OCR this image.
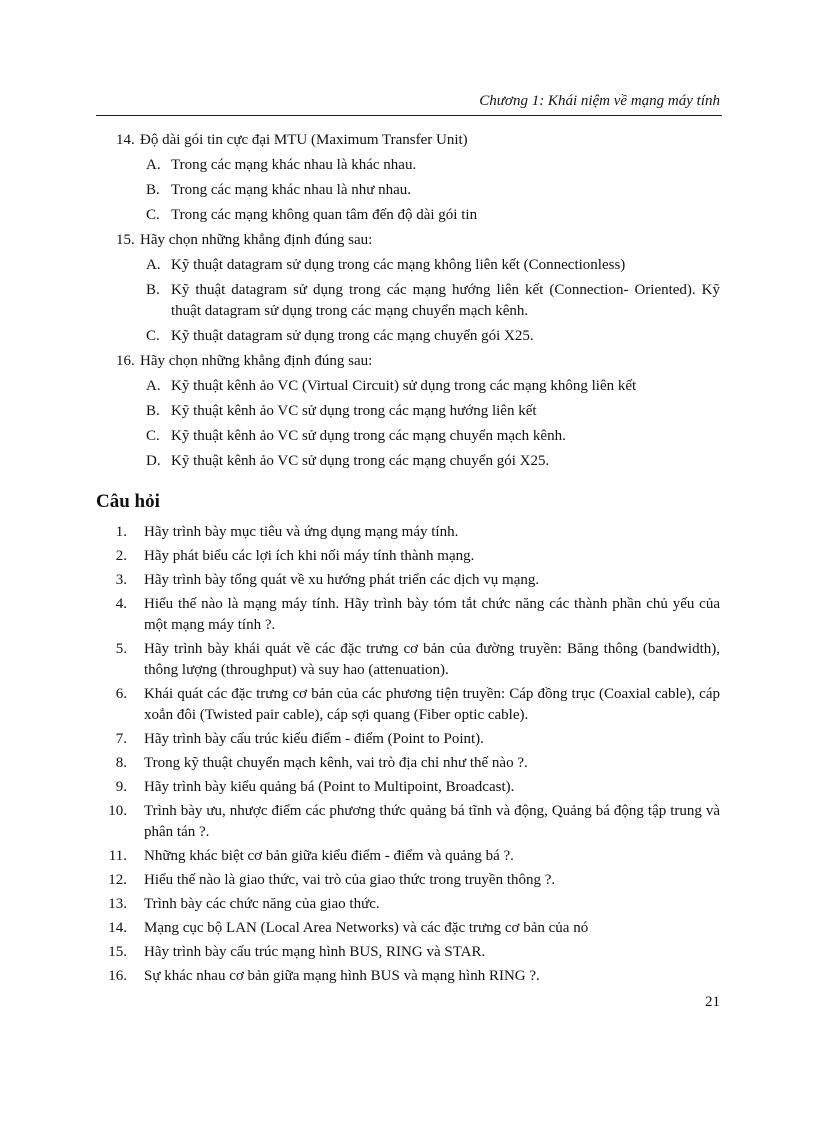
Chương 1: Khái niệm về mạng máy tính
14. Độ dài gói tin cực đại MTU (Maximum Transfer Unit)
A. Trong các mạng khác nhau là khác nhau.
B. Trong các mạng khác nhau là như nhau.
C. Trong các mạng không quan tâm đến độ dài gói tin
15. Hãy chọn những khẳng định đúng sau:
A. Kỹ thuật datagram sử dụng trong các mạng không liên kết (Connectionless)
B. Kỹ thuật datagram sử dụng trong các mạng hướng liên kết (Connection- Oriented). Kỹ thuật datagram sử dụng trong các mạng chuyển mạch kênh.
C. Kỹ thuật datagram sử dụng trong các mạng chuyển gói X25.
16. Hãy chọn những khẳng định đúng sau:
A. Kỹ thuật kênh ảo VC (Virtual Circuit) sử dụng trong các mạng không liên kết
B. Kỹ thuật kênh ảo VC sử dụng trong các mạng hướng liên kết
C. Kỹ thuật kênh ảo VC sử dụng trong các mạng chuyển mạch kênh.
D. Kỹ thuật kênh ảo VC sử dụng trong các mạng chuyển gói X25.
Câu hỏi
1. Hãy trình bày mục tiêu và ứng dụng mạng máy tính.
2. Hãy phát biểu các lợi ích khi nối máy tính thành mạng.
3. Hãy trình bày tổng quát về xu hướng phát triển các dịch vụ mạng.
4. Hiểu thế nào là mạng máy tính. Hãy trình bày tóm tắt chức năng các thành phần chủ yếu của một mạng máy tính ?.
5. Hãy trình bày khái quát về các đặc trưng cơ bản của đường truyền: Băng thông (bandwidth), thông lượng (throughput) và suy hao (attenuation).
6. Khái quát các đặc trưng cơ bản của các phương tiện truyền: Cáp đồng trục (Coaxial cable), cáp xoắn đôi (Twisted pair cable), cáp sợi quang (Fiber optic cable).
7. Hãy trình bày cấu trúc kiểu điểm - điểm (Point to Point).
8. Trong kỹ thuật chuyển mạch kênh, vai trò địa chỉ như thế nào ?.
9. Hãy trình bày kiểu quảng bá (Point to Multipoint, Broadcast).
10. Trình bày ưu, nhược điểm các phương thức quảng bá tĩnh và động, Quảng bá động tập trung và phân tán ?.
11. Những khác biệt cơ bản giữa kiểu điểm - điểm và quảng bá ?.
12. Hiểu thế nào là giao thức, vai trò của giao thức trong truyền thông ?.
13. Trình bày các chức năng của giao thức.
14. Mạng cục bộ LAN (Local Area Networks) và các đặc trưng cơ bản của nó
15. Hãy trình bày cấu trúc mạng hình BUS, RING và STAR.
16. Sự khác nhau cơ bản giữa mạng hình BUS và mạng hình RING ?.
21
